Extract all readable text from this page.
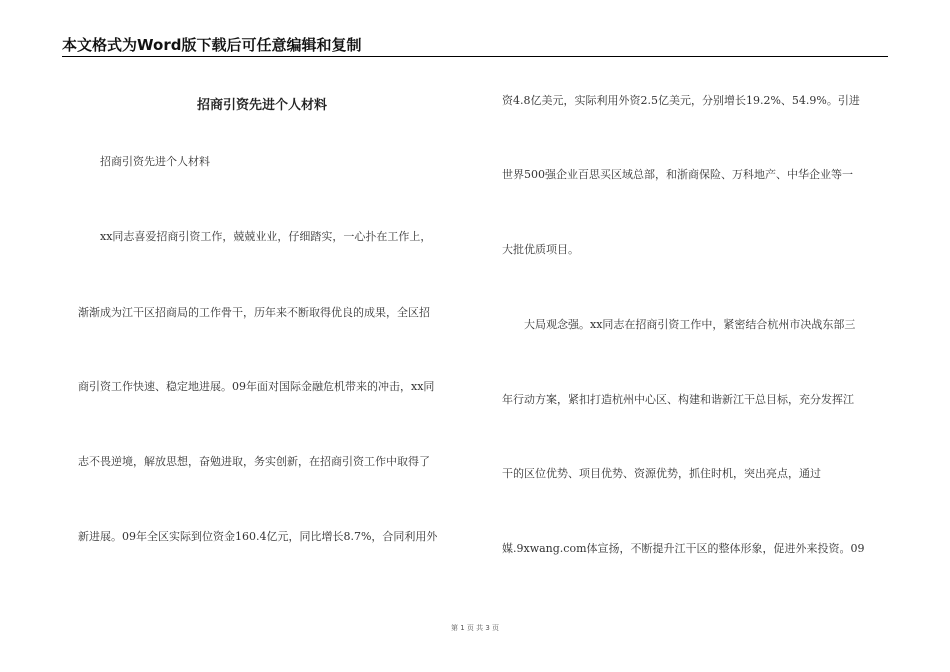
本文格式为Word版下载后可任意编辑和复制
招商引资先进个人材料
招商引资先进个人材料
xx同志喜爱招商引资工作，兢兢业业，仔细踏实，一心扑在工作上，
渐渐成为江干区招商局的工作骨干，历年来不断取得优良的成果，全区招
商引资工作快速、稳定地进展。09年面对国际金融危机带来的冲击，xx同
志不畏逆境，解放思想，奋勉进取，务实创新，在招商引资工作中取得了
新进展。09年全区实际到位资金160.4亿元，同比增长8.7%，合同利用外
资4.8亿美元，实际利用外资2.5亿美元，分别增长19.2%、54.9%。引进
世界500强企业百思买区域总部，和浙商保险、万科地产、中华企业等一
大批优质项目。
大局观念强。xx同志在招商引资工作中，紧密结合杭州市决战东部三
年行动方案，紧扣打造杭州中心区、构建和谐新江干总目标，充分发挥江
干的区位优势、项目优势、资源优势，抓住时机，突出亮点，通过
媒.9xwang.com体宣扬，不断提升江干区的整体形象，促进外来投资。09
第 1 页 共 3 页
